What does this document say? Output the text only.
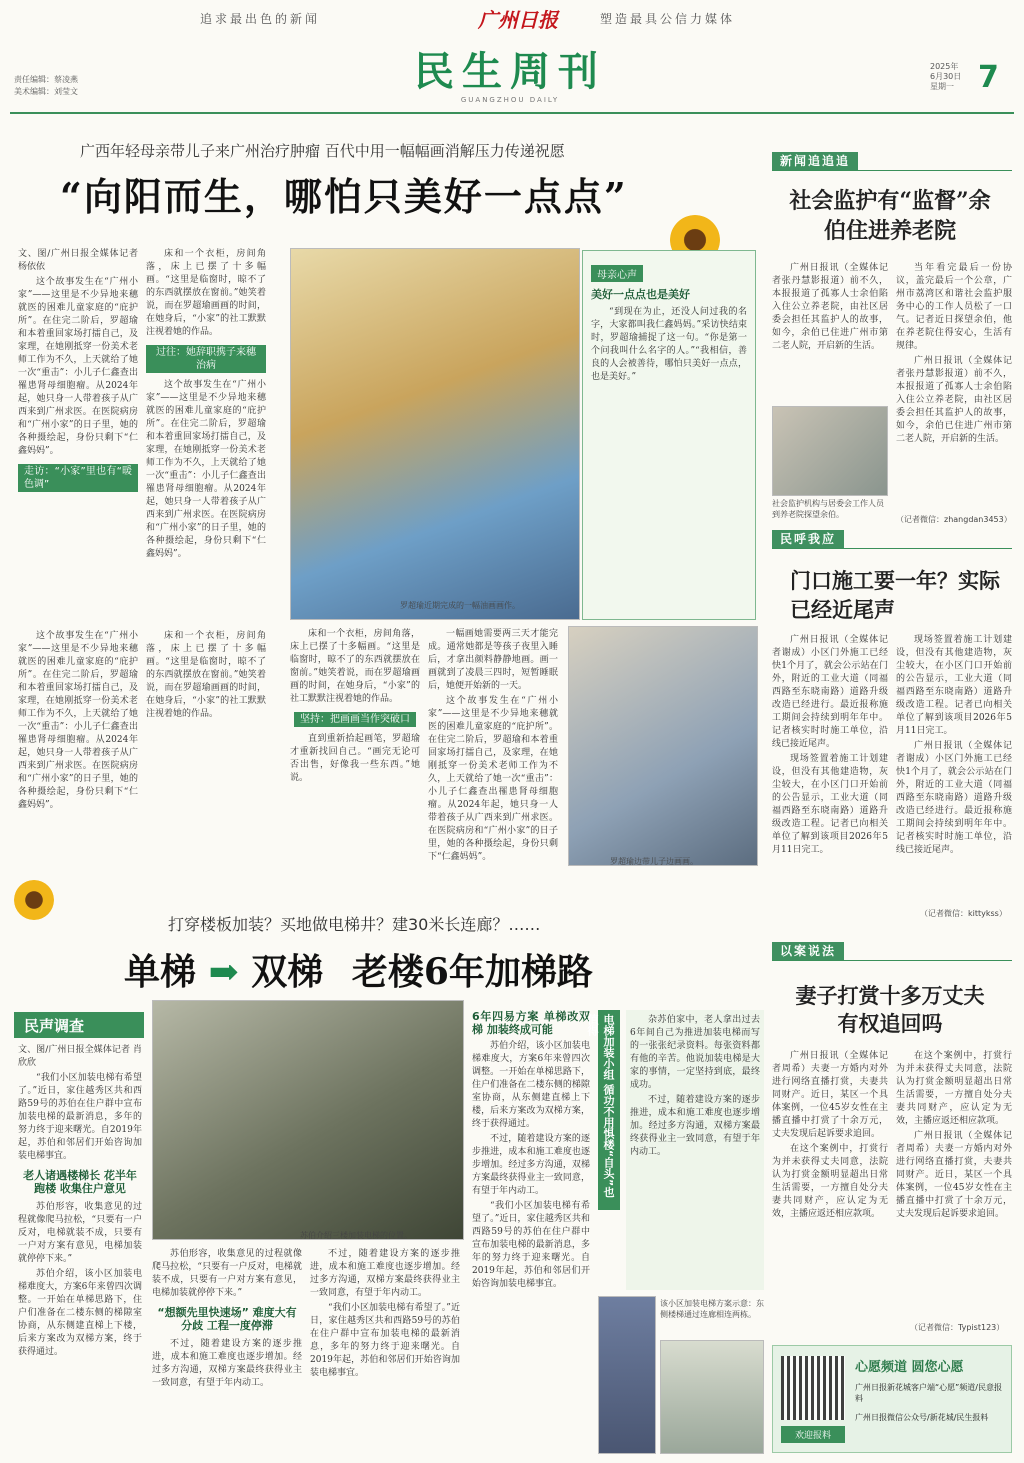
追求最出色的新闻	广州日报	塑造最具公信力媒体
民生周刊
GUANGZHOU DAILY
责任编辑：蔡凌燕
美术编辑：刘莹文
2025年
6月30日
星期一 7
广西年轻母亲带儿子来广州治疗肿瘤 百代中用一幅幅画消解压力传递祝愿
“向阳而生，哪怕只美好一点点”

文、图/广州日报全媒体记者 杨依依

这个故事发生在“广州小家”——这里是不少异地来穗就医的困难儿童家庭的“庇护所”。在住完二阶后，罗超瑜和本着重回家场打擂自己，及家理，在她刚抵穿一份美术老师工作为不久，上天就给了她一次“重击”：小儿子仁鑫查出罹患肾母细胞瘤。从2024年起，她只身一人带着孩子从广西来到广州求医。在医院病房和“广州小家”的日子里，她的各种摄绘起，身份只剩下“仁鑫妈妈”。

走访：“小家”里也有“暖色调”

这个故事发生在“广州小家”——这里是不少异地来穗就医的困难儿童家庭的“庇护所”。在住完二阶后，罗超瑜和本着重回家场打擂自己，及家理，在她刚抵穿一份美术老师工作为不久，上天就给了她一次“重击”：小儿子仁鑫查出罹患肾母细胞瘤。从2024年起，她只身一人带着孩子从广西来到广州求医。在医院病房和“广州小家”的日子里，她的各种摄绘起，身份只剩下“仁鑫妈妈”。

床和一个衣柜，房间角落，床上已摆了十多幅画。“这里是临窗时，晾不了的东西就摆放在窗前。”她笑着说，而在罗超瑜画画的时间，在她身后，“小家”的社工默默注视着她的作品。

过往：她辞职携子来穗治病

这个故事发生在“广州小家”——这里是不少异地来穗就医的困难儿童家庭的“庇护所”。在住完二阶后，罗超瑜和本着重回家场打擂自己，及家理，在她刚抵穿一份美术老师工作为不久，上天就给了她一次“重击”：小儿子仁鑫查出罹患肾母细胞瘤。从2024年起，她只身一人带着孩子从广西来到广州求医。在医院病房和“广州小家”的日子里，她的各种摄绘起，身份只剩下“仁鑫妈妈”。

床和一个衣柜，房间角落，床上已摆了十多幅画。“这里是临窗时，晾不了的东西就摆放在窗前。”她笑着说，而在罗超瑜画画的时间，在她身后，“小家”的社工默默注视着她的作品。

罗超瑜近期完成的一幅油画画作。
母亲心声
美好一点点也是美好

“到现在为止，还没人问过我的名字，大家都叫我仁鑫妈妈。”采访快结束时，罗超瑜捕捉了这一句。“你是第一个问我叫什么名字的人。”“我相信，善良的人会被善待，哪怕只美好一点点，也是美好。”

床和一个衣柜，房间角落，床上已摆了十多幅画。“这里是临窗时，晾不了的东西就摆放在窗前。”她笑着说，而在罗超瑜画画的时间，在她身后，“小家”的社工默默注视着她的作品。

坚持：把画画当作突破口

直到重新拾起画笔，罗超瑜才重新找回自己。“画完无论可否出售，好像我一些东西。”她说。

一幅画她需要两三天才能完成。通常她都是等孩子夜里入睡后，才拿出颜料静静地画。画一画就到了凌晨三四时，短暂睡眠后，她便开始新的一天。

这个故事发生在“广州小家”——这里是不少异地来穗就医的困难儿童家庭的“庇护所”。在住完二阶后，罗超瑜和本着重回家场打擂自己，及家理，在她刚抵穿一份美术老师工作为不久，上天就给了她一次“重击”：小儿子仁鑫查出罹患肾母细胞瘤。从2024年起，她只身一人带着孩子从广西来到广州求医。在医院病房和“广州小家”的日子里，她的各种摄绘起，身份只剩下“仁鑫妈妈”。	罗超瑜边带儿子边画画。
新闻追追追
社会监护有“监督”余伯住进养老院

广州日报讯（全媒体记者张丹慧影报道）前不久，本报报道了孤寡人士余伯陷入住公立养老院，由社区居委会担任其监护人的故事，如今，余伯已住进广州市第二老人院，开启新的生活。

当年看完最后一份协议，盖完最后一个公章，广州市荔湾区和谐社会监护服务中心的工作人员松了一口气。记者近日探望余伯，他在养老院住得安心，生活有规律。

广州日报讯（全媒体记者张丹慧影报道）前不久，本报报道了孤寡人士余伯陷入住公立养老院，由社区居委会担任其监护人的故事，如今，余伯已住进广州市第二老人院，开启新的生活。

社会监护机构与居委会工作人员到养老院探望余伯。
（记者微信：zhangdan3453）
民呼我应
门口施工要一年？实际已经近尾声

广州日报讯（全媒体记者谢成）小区门外施工已经快1个月了，就会公示站在门外，附近的工业大道（同福西路至东晓南路）道路升级改造已经进行。最近报称施工期间会持续到明年年中。记者核实时时施工单位，沿线已接近尾声。

现场签置着施工计划建设，但没有其他建造物，灰尘较大，在小区门口开始前的公告显示，工业大道（同福西路至东晓南路）道路升级改造工程。记者已向相关单位了解到该项目2026年5月11日完工。

现场签置着施工计划建设，但没有其他建造物，灰尘较大，在小区门口开始前的公告显示，工业大道（同福西路至东晓南路）道路升级改造工程。记者已向相关单位了解到该项目2026年5月11日完工。

广州日报讯（全媒体记者谢成）小区门外施工已经快1个月了，就会公示站在门外，附近的工业大道（同福西路至东晓南路）道路升级改造已经进行。最近报称施工期间会持续到明年年中。记者核实时时施工单位，沿线已接近尾声。

（记者微信：kittykss）
以案说法
妻子打赏十多万丈夫有权追回吗

广州日报讯（全媒体记者周希）夫妻一方婚内对外进行网络直播打赏，夫妻共同财产。近日，某区一个具体案例，一位45岁女性在主播直播中打赏了十余万元，丈夫发现后起诉要求追回。

在这个案例中，打赏行为并未获得丈夫同意，法院认为打赏金额明显超出日常生活需要，一方擅自处分夫妻共同财产，应认定为无效，主播应返还相应款项。

在这个案例中，打赏行为并未获得丈夫同意，法院认为打赏金额明显超出日常生活需要，一方擅自处分夫妻共同财产，应认定为无效，主播应返还相应款项。

广州日报讯（全媒体记者周希）夫妻一方婚内对外进行网络直播打赏，夫妻共同财产。近日，某区一个具体案例，一位45岁女性在主播直播中打赏了十余万元，丈夫发现后起诉要求追回。

（记者微信：Typist123）
欢迎报料
心愿频道 圆您心愿
广州日报新花城客户端“心愿”频道/民意报料
广州日报微信公众号/新花城/民生报料
打穿楼板加装？买地做电梯井？建30米长连廊？……
单梯 ➡ 双梯 老楼6年加梯路
民声调查

文、图/广州日报全媒体记者 肖欣欣

“我们小区加装电梯有希望了。”近日，家住越秀区共和西路59号的苏伯在住户群中宣布加装电梯的最新消息，多年的努力终于迎来曙光。自2019年起，苏伯和邻居们开始咨询加装电梯事宜。

老人诸遇楼梯长 花半年跑楼 收集住户意见

苏伯形容，收集意见的过程就像爬马拉松，“只要有一户反对，电梯就装不成，只要有一户对方案有意见，电梯加装就停停下来。”

苏伯介绍，该小区加装电梯难度大，方案6年来曾四次调整。一开始在单梯思路下，住户们准备在二楼东侧的梯隙室协商，从东侧建直梯上下楼，后来方案改为双梯方案，终于获得通过。

苏伯介绍三楼加装电梯的位置。

苏伯形容，收集意见的过程就像爬马拉松，“只要有一户反对，电梯就装不成，只要有一户对方案有意见，电梯加装就停停下来。”

“想额先里快速场” 难度大有分歧 工程一度停滞

不过，随着建设方案的逐步推进，成本和施工难度也逐步增加。经过多方沟通，双梯方案最终获得业主一致同意，有望于年内动工。

不过，随着建设方案的逐步推进，成本和施工难度也逐步增加。经过多方沟通，双梯方案最终获得业主一致同意，有望于年内动工。

“我们小区加装电梯有希望了。”近日，家住越秀区共和西路59号的苏伯在住户群中宣布加装电梯的最新消息，多年的努力终于迎来曙光。自2019年起，苏伯和邻居们开始咨询加装电梯事宜。

6年四易方案 单梯改双梯 加装终成可能

苏伯介绍，该小区加装电梯难度大，方案6年来曾四次调整。一开始在单梯思路下，住户们准备在二楼东侧的梯隙室协商，从东侧建直梯上下楼，后来方案改为双梯方案，终于获得通过。

不过，随着建设方案的逐步推进，成本和施工难度也逐步增加。经过多方沟通，双梯方案最终获得业主一致同意，有望于年内动工。

“我们小区加装电梯有希望了。”近日，家住越秀区共和西路59号的苏伯在住户群中宣布加装电梯的最新消息，多年的努力终于迎来曙光。自2019年起，苏伯和邻居们开始咨询加装电梯事宜。

电梯加装小组 循功不用惧楼“自头”也值得	杂苏伯家中，老人拿出过去6年间自己为推进加装电梯而写的一张张纪录资料。每张资料都有他的辛苦。他说加装电梯是大家的事情，一定坚持到底，最终成功。

不过，随着建设方案的逐步推进，成本和施工难度也逐步增加。经过多方沟通，双梯方案最终获得业主一致同意，有望于年内动工。

该小区加装电梯方案示意：东侧楼梯通过连廊相连两栋。
